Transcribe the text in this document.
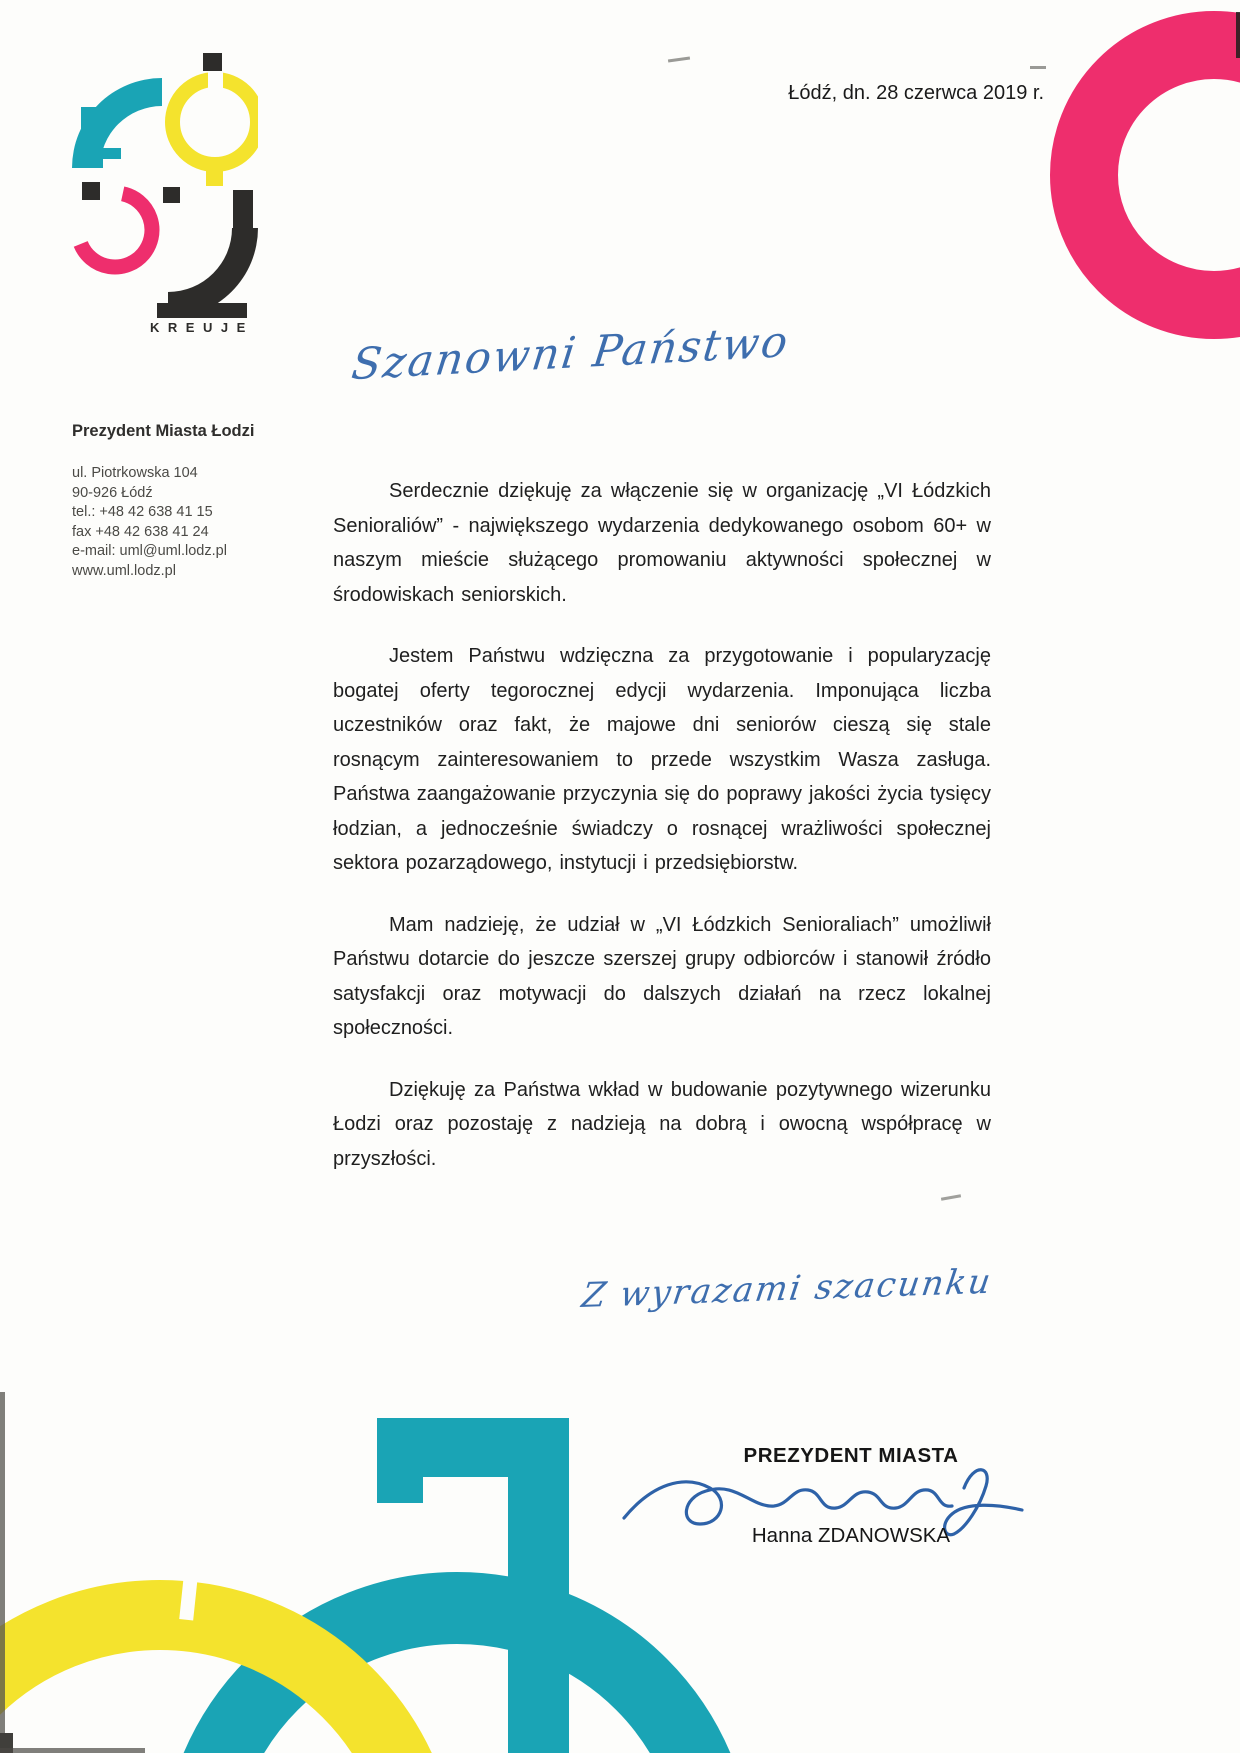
KREUJE
Prezydent Miasta Łodzi
ul. Piotrkowska 104
90-926 Łódź
tel.: +48 42 638 41 15
fax +48 42 638 41 24
e-mail: uml@uml.lodz.pl
www.uml.lodz.pl
Łódź, dn. 28 czerwca 2019 r.
Szanowni Państwo

Serdecznie dziękuję za włączenie się w organizację „VI Łódzkich Senioraliów” - największego wydarzenia dedykowanego osobom 60+ w naszym mieście służącego promowaniu aktywności społecznej w środowiskach seniorskich.

Jestem Państwu wdzięczna za przygotowanie i popularyzację bogatej oferty tegorocznej edycji wydarzenia. Imponująca liczba uczestników oraz fakt, że majowe dni seniorów cieszą się stale rosnącym zainteresowaniem to przede wszystkim Wasza zasługa. Państwa zaangażowanie przyczynia się do poprawy jakości życia tysięcy łodzian, a jednocześnie świadczy o rosnącej wrażliwości społecznej sektora pozarządowego, instytucji i przedsiębiorstw.

Mam nadzieję, że udział w „VI Łódzkich Senioraliach” umożliwił Państwu dotarcie do jeszcze szerszej grupy odbiorców i stanowił źródło satysfakcji oraz motywacji do dalszych działań na rzecz lokalnej społeczności.

Dziękuję za Państwa wkład w budowanie pozytywnego wizerunku Łodzi oraz pozostaję z nadzieją na dobrą i owocną współpracę w przyszłości.

Z wyrazami szacunku
PREZYDENT MIASTA
Hanna ZDANOWSKA
